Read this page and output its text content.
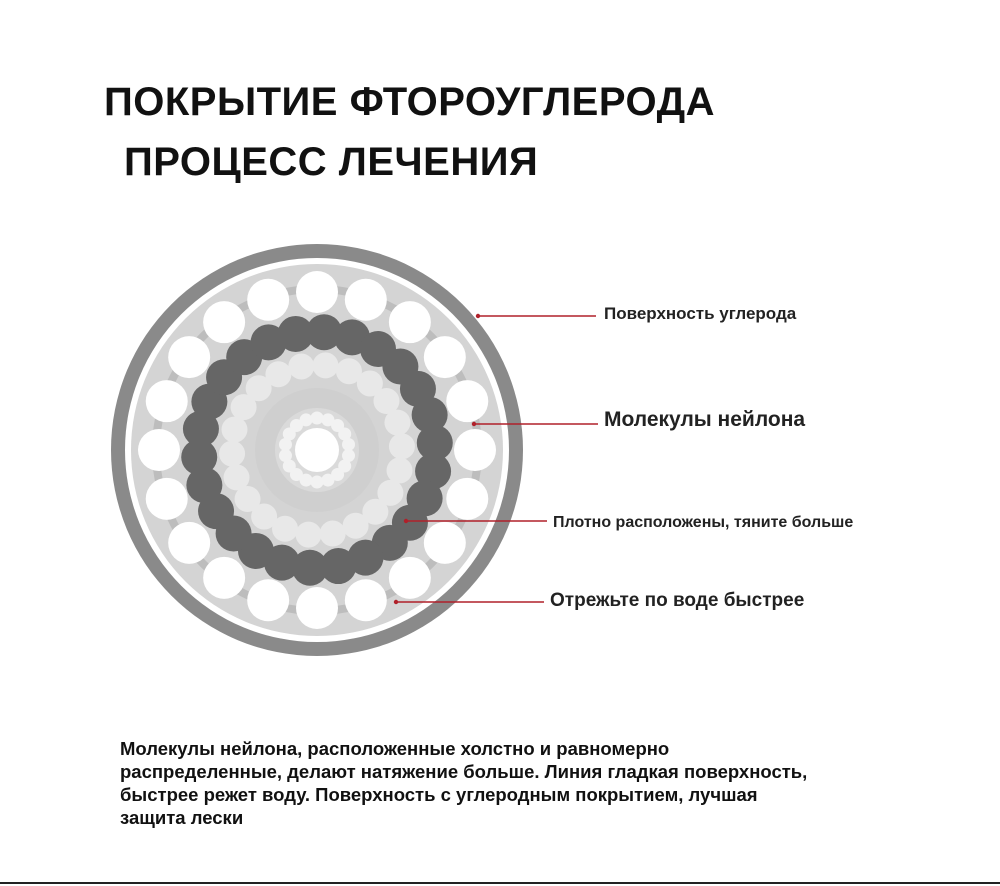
ПОКРЫТИЕ ФТОРОУГЛЕРОДА
ПРОЦЕСС ЛЕЧЕНИЯ
Поверхность углерода
Молекулы нейлона
Плотно расположены, тяните больше
Отрежьте по воде быстрее
Молекулы нейлона, расположенные холстно и равномерно распределенные, делают натяжение больше. Линия гладкая поверхность, быстрее режет воду. Поверхность с углеродным покрытием, лучшая защита лески
